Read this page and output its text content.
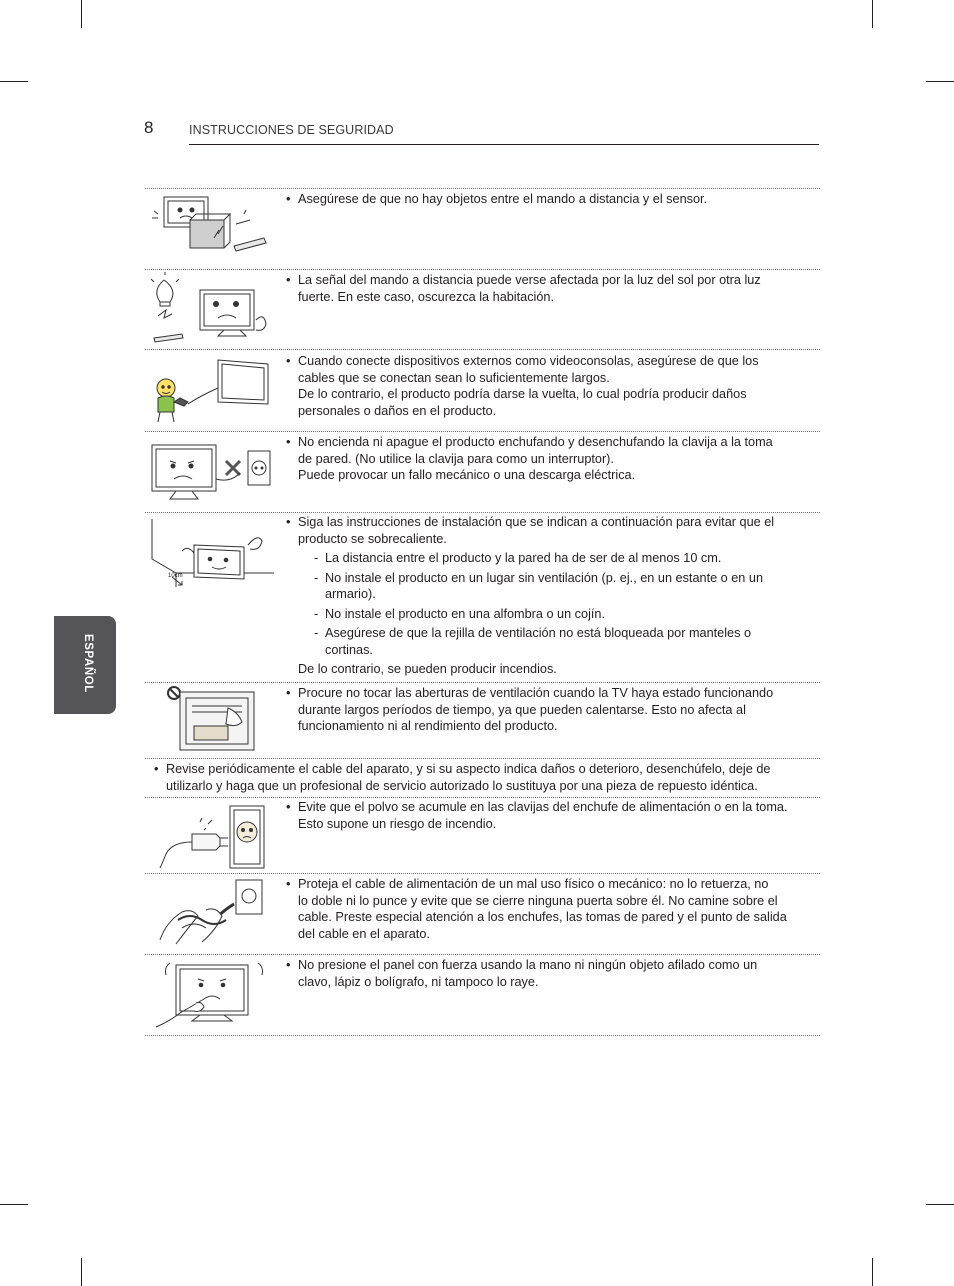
8	INSTRUCCIONES DE SEGURIDAD
ESPAÑOL
• Asegúrese de que no hay objetos entre el mando a distancia y el sensor.
• La señal del mando a distancia puede verse afectada por la luz del sol por otra luz
fuerte. En este caso, oscurezca la habitación.
• Cuando conecte dispositivos externos como videoconsolas, asegúrese de que los
cables que se conectan sean lo suficientemente largos.
De lo contrario, el producto podría darse la vuelta, lo cual podría producir daños
personales o daños en el producto.
• No encienda ni apague el producto enchufando y desenchufando la clavija a la toma
de pared. (No utilice la clavija para como un interruptor).
Puede provocar un fallo mecánico o una descarga eléctrica.
10cm
• Siga las instrucciones de instalación que se indican a continuación para evitar que el
producto se sobrecaliente.
- La distancia entre el producto y la pared ha de ser de al menos 10 cm.
- No instale el producto en un lugar sin ventilación (p. ej., en un estante o en un
armario).
- No instale el producto en una alfombra o un cojín.
- Asegúrese de que la rejilla de ventilación no está bloqueada por manteles o
cortinas.
De lo contrario, se pueden producir incendios.
• Procure no tocar las aberturas de ventilación cuando la TV haya estado funcionando
durante largos períodos de tiempo, ya que pueden calentarse. Esto no afecta al
funcionamiento ni al rendimiento del producto.
• Revise periódicamente el cable del aparato, y si su aspecto indica daños o deterioro, desenchúfelo, deje de
utilizarlo y haga que un profesional de servicio autorizado lo sustituya por una pieza de repuesto idéntica.
• Evite que el polvo se acumule en las clavijas del enchufe de alimentación o en la toma.
Esto supone un riesgo de incendio.
• Proteja el cable de alimentación de un mal uso físico o mecánico: no lo retuerza, no
lo doble ni lo punce y evite que se cierre ninguna puerta sobre él. No camine sobre el
cable. Preste especial atención a los enchufes, las tomas de pared y el punto de salida
del cable en el aparato.
• No presione el panel con fuerza usando la mano ni ningún objeto afilado como un
clavo, lápiz o bolígrafo, ni tampoco lo raye.
